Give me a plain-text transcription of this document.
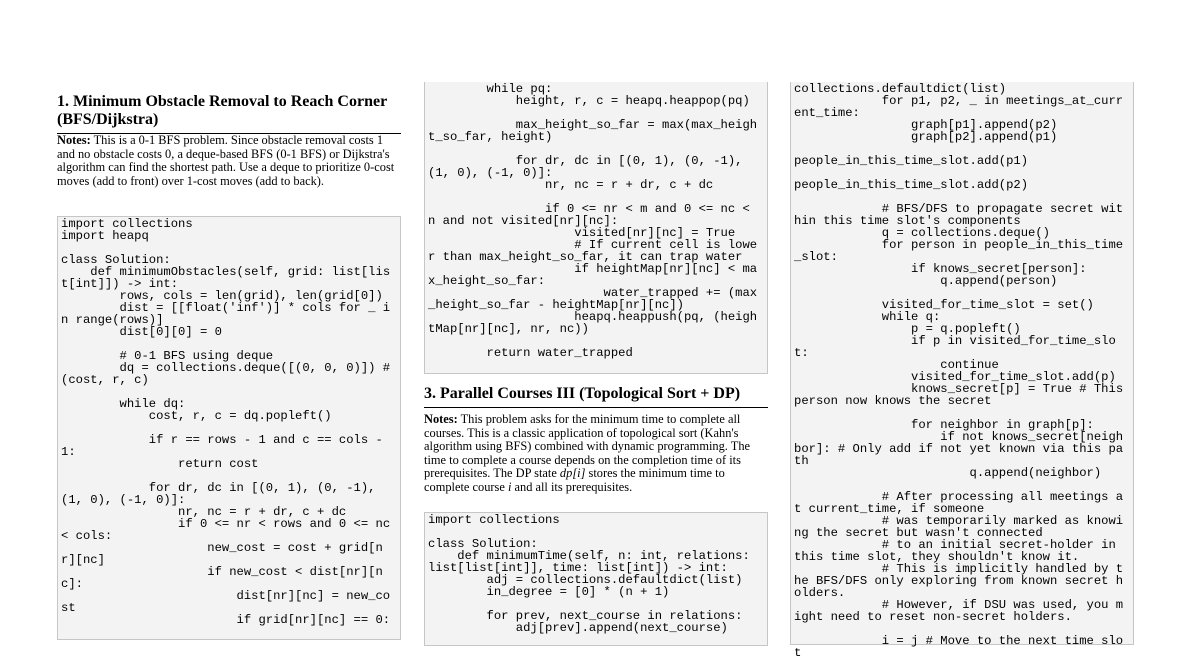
1. Minimum Obstacle Removal to Reach Corner (BFS/Dijkstra)

Notes: This is a 0-1 BFS problem. Since obstacle removal costs 1 and no obstacle costs 0, a deque-based BFS (0-1 BFS) or Dijkstra's algorithm can find the shortest path. Use a deque to prioritize 0-cost moves (add to front) over 1-cost moves (add to back).

import collections
import heapq

class Solution:
def minimumObstacles(self, grid: list[list[int]]) -> int:
rows, cols = len(grid), len(grid[0])
dist = [[float('inf')] * cols for _ in range(rows)]
dist[0][0] = 0

# 0-1 BFS using deque
dq = collections.deque([(0, 0, 0)]) # (cost, r, c)

while dq:
cost, r, c = dq.popleft()

if r == rows - 1 and c == cols - 1:
return cost

for dr, dc in [(0, 1), (0, -1), (1, 0), (-1, 0)]:
nr, nc = r + dr, c + dc
if 0 <= nr < rows and 0 <= nc < cols:
new_cost = cost + grid[nr][nc]
if new_cost < dist[nr][nc]:
dist[nr][nc] = new_cost
if grid[nr][nc] == 0:
while pq:
height, r, c = heapq.heappop(pq)

max_height_so_far = max(max_height_so_far, height)

for dr, dc in [(0, 1), (0, -1), (1, 0), (-1, 0)]:
nr, nc = r + dr, c + dc

if 0 <= nr < m and 0 <= nc < n and not visited[nr][nc]:
visited[nr][nc] = True
# If current cell is lower than max_height_so_far, it can trap water
if heightMap[nr][nc] < max_height_so_far:
water_trapped += (max_height_so_far - heightMap[nr][nc])
heapq.heappush(pq, (heightMap[nr][nc], nr, nc))

return water_trapped
3. Parallel Courses III (Topological Sort + DP)

Notes: This problem asks for the minimum time to complete all courses. This is a classic application of topological sort (Kahn's algorithm using BFS) combined with dynamic programming. The time to complete a course depends on the completion time of its prerequisites. The DP state dp[i] stores the minimum time to complete course i and all its prerequisites.

import collections

class Solution:
def minimumTime(self, n: int, relations: list[list[int]], time: list[int]) -> int:
adj = collections.defaultdict(list)
in_degree = [0] * (n + 1)

for prev, next_course in relations:
adj[prev].append(next_course)
collections.defaultdict(list)
for p1, p2, _ in meetings_at_current_time:
graph[p1].append(p2)
graph[p2].append(p1)

people_in_this_time_slot.add(p1)

people_in_this_time_slot.add(p2)

# BFS/DFS to propagate secret within this time slot's components
q = collections.deque()
for person in people_in_this_time_slot:
if knows_secret[person]:
q.append(person)

visited_for_time_slot = set()
while q:
p = q.popleft()
if p in visited_for_time_slot:
continue
visited_for_time_slot.add(p)
knows_secret[p] = True # This person now knows the secret

for neighbor in graph[p]:
if not knows_secret[neighbor]: # Only add if not yet known via this path
q.append(neighbor)

# After processing all meetings at current_time, if someone
# was temporarily marked as knowing the secret but wasn't connected
# to an initial secret-holder in this time slot, they shouldn't know it.
# This is implicitly handled by the BFS/DFS only exploring from known secret holders.
# However, if DSU was used, you might need to reset non-secret holders.

i = j # Move to the next time slot
